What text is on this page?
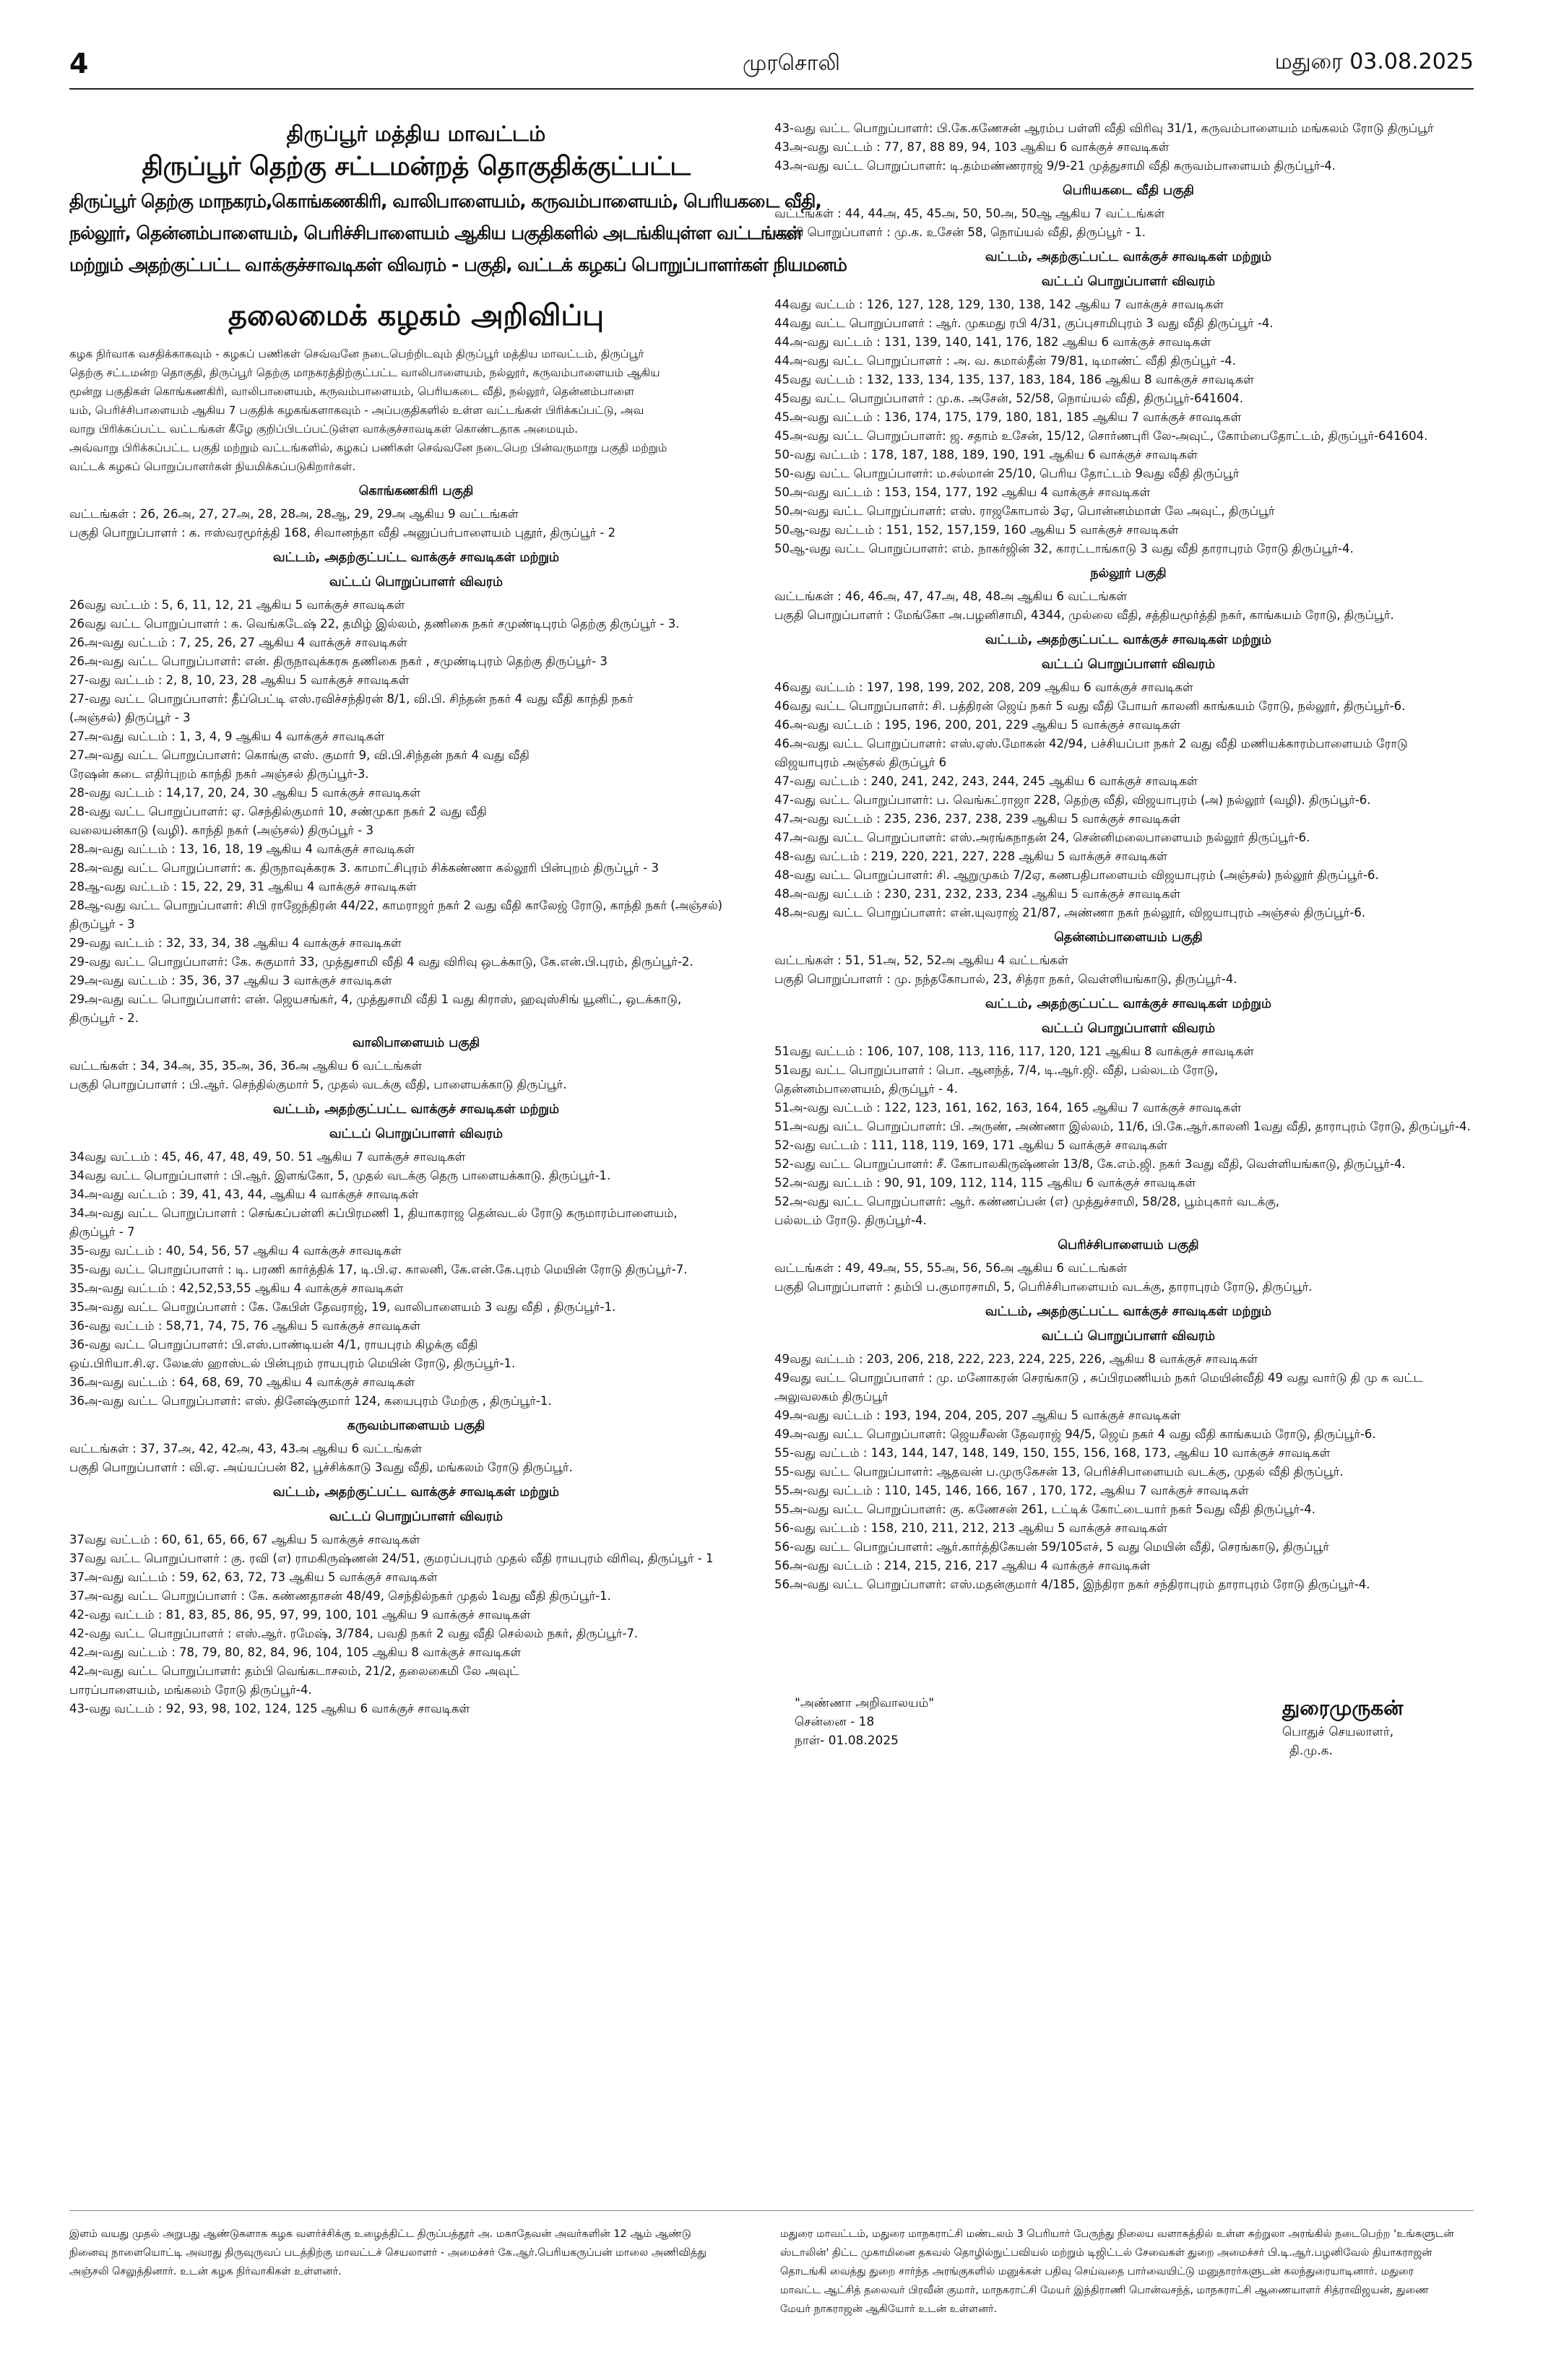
4	முரசொலி	மதுரை 03.08.2025
திருப்பூர் மத்திய மாவட்டம்
திருப்பூர் தெற்கு சட்டமன்றத் தொகுதிக்குட்பட்ட
திருப்பூர் தெற்கு மாநகரம்,கொங்கணகிரி, வாலிபாளையம், கருவம்பாளையம், பெரியகடை வீதி,
நல்லூர், தென்னம்பாளையம், பெரிச்சிபாளையம் ஆகிய பகுதிகளில் அடங்கியுள்ள வட்டங்கள்
மற்றும் அதற்குட்பட்ட வாக்குச்சாவடிகள் விவரம் - பகுதி, வட்டக் கழகப் பொறுப்பாளர்கள் நியமனம்
தலைமைக் கழகம் அறிவிப்பு
கழக நிர்வாக வசதிக்காகவும் - கழகப் பணிகள் செவ்வனே நடைபெற்றிடவும் திருப்பூர் மத்திய மாவட்டம், திருப்பூர்
தெற்கு சட்டமன்ற தொகுதி, திருப்பூர் தெற்கு மாநகரத்திற்குட்பட்ட வாலிபாளையம், நல்லூர், கருவம்பாளையம் ஆகிய
மூன்று பகுதிகள் கொங்கணகிரி, வாலிபாளையம், கருவம்பாளையம், பெரியகடை வீதி, நல்லூர், தென்னம்பாளை
யம், பெரிச்சிபாளையம் ஆகிய 7 பகுதிக் கழகங்களாகவும் - அப்பகுதிகளில் உள்ள வட்டங்கள் பிரிக்கப்பட்டு, அவ
வாறு பிரிக்கப்பட்ட வட்டங்கள் கீழே குறிப்பிடப்பட்டுள்ள வாக்குச்சாவடிகள் கொண்டதாக அமையும்.
அவ்வாறு பிரிக்கப்பட்ட பகுதி மற்றும் வட்டங்களில், கழகப் பணிகள் செவ்வனே நடைபெற பின்வருமாறு பகுதி மற்றும்
வட்டக் கழகப் பொறுப்பாளர்கள் நியமிக்கப்படுகிறார்கள்.
கொங்கணகிரி பகுதி
வட்டங்கள் : 26, 26அ, 27, 27அ, 28, 28அ, 28ஆ, 29, 29அ ஆகிய 9 வட்டங்கள்
பகுதி பொறுப்பாளர் : க. ஈஸ்வரமூர்த்தி 168, சிவானந்தா வீதி அனுப்பர்பாளையம் புதூர், திருப்பூர் - 2
வட்டம், அதற்குட்பட்ட வாக்குச் சாவடிகள் மற்றும்
வட்டப் பொறுப்பாளர் விவரம்
26வது வட்டம் : 5, 6, 11, 12, 21 ஆகிய 5 வாக்குச் சாவடிகள்
26வது வட்ட பொறுப்பாளர் : க. வெங்கடேஷ் 22, தமிழ் இல்லம், தணிகை நகர் சமுண்டிபுரம் தெற்கு திருப்பூர் - 3.
26அ-வது வட்டம் : 7, 25, 26, 27 ஆகிய 4 வாக்குச் சாவடிகள்
26அ-வது வட்ட பொறுப்பாளர்: என். திருநாவுக்கரசு தணிகை நகர் , சமுண்டிபுரம் தெற்கு திருப்பூர்- 3
27-வது வட்டம் : 2, 8, 10, 23, 28 ஆகிய 5 வாக்குச் சாவடிகள்
27-வது வட்ட பொறுப்பாளர்: தீப்பெட்டி எஸ்.ரவிச்சந்திரன் 8/1, வி.பி. சிந்தன் நகர் 4 வது வீதி காந்தி நகர்
(அஞ்சல்) திருப்பூர் - 3
27அ-வது வட்டம் : 1, 3, 4, 9 ஆகிய 4 வாக்குச் சாவடிகள்
27அ-வது வட்ட பொறுப்பாளர்: கொங்கு எஸ். குமார் 9, வி.பி.சிந்தன் நகர் 4 வது வீதி
ரேஷன் கடை எதிர்புறம் காந்தி நகர் அஞ்சல் திருப்பூர்-3.
28-வது வட்டம் : 14,17, 20, 24, 30 ஆகிய 5 வாக்குச் சாவடிகள்
28-வது வட்ட பொறுப்பாளர்: ஏ. செந்தில்குமார் 10, சண்முகா நகர் 2 வது வீதி
வலையன்காடு (வழி). காந்தி நகர் (அஞ்சல்) திருப்பூர் - 3
28அ-வது வட்டம் : 13, 16, 18, 19 ஆகிய 4 வாக்குச் சாவடிகள்
28அ-வது வட்ட பொறுப்பாளர்: க. திருநாவுக்கரசு 3. காமாட்சிபுரம் சிக்கண்ணா கல்லூரி பின்புறம் திருப்பூர் - 3
28ஆ-வது வட்டம் : 15, 22, 29, 31 ஆகிய 4 வாக்குச் சாவடிகள்
28ஆ-வது வட்ட பொறுப்பாளர்: சிபி ராஜேந்திரன் 44/22, காமராஜர் நகர் 2 வது வீதி காலேஜ் ரோடு, காந்தி நகர் (அஞ்சல்)
திருப்பூர் - 3
29-வது வட்டம் : 32, 33, 34, 38 ஆகிய 4 வாக்குச் சாவடிகள்
29-வது வட்ட பொறுப்பாளர்: கே. சுகுமார் 33, முத்துசாமி வீதி 4 வது விரிவு ஒடக்காடு, கே.என்.பி.புரம், திருப்பூர்-2.
29அ-வது வட்டம் : 35, 36, 37 ஆகிய 3 வாக்குச் சாவடிகள்
29அ-வது வட்ட பொறுப்பாளர்: என். ஜெயசங்கர், 4, முத்துசாமி வீதி 1 வது கிராஸ், ஹவுஸ்சிங் யூனிட், ஒடக்காடு,
திருப்பூர் - 2.
வாலிபாளையம் பகுதி
வட்டங்கள் : 34, 34அ, 35, 35அ, 36, 36அ ஆகிய 6 வட்டங்கள்
பகுதி பொறுப்பாளர் : பி.ஆர். செந்தில்குமார் 5, முதல் வடக்கு வீதி, பாளையக்காடு திருப்பூர்.
வட்டம், அதற்குட்பட்ட வாக்குச் சாவடிகள் மற்றும்
வட்டப் பொறுப்பாளர் விவரம்
34வது வட்டம் : 45, 46, 47, 48, 49, 50. 51 ஆகிய 7 வாக்குச் சாவடிகள்
34வது வட்ட பொறுப்பாளர் : பி.ஆர். இளங்கோ, 5, முதல் வடக்கு தெரு பாளையக்காடு. திருப்பூர்-1.
34அ-வது வட்டம் : 39, 41, 43, 44, ஆகிய 4 வாக்குச் சாவடிகள்
34அ-வது வட்ட பொறுப்பாளர் : செங்கப்பள்ளி சுப்பிரமணி 1, தியாகராஜ தென்வடல் ரோடு கருமாரம்பாளையம்,
திருப்பூர் - 7
35-வது வட்டம் : 40, 54, 56, 57 ஆகிய 4 வாக்குச் சாவடிகள்
35-வது வட்ட பொறுப்பாளர் : டி. பரணி கார்த்திக் 17, டி.பி.ஏ. காலனி, கே.என்.கே.புரம் மெயின் ரோடு திருப்பூர்-7.
35அ-வது வட்டம் : 42,52,53,55 ஆகிய 4 வாக்குச் சாவடிகள்
35அ-வது வட்ட பொறுப்பாளர் : கே. கேபிள் தேவராஜ், 19, வாலிபாளையம் 3 வது வீதி , திருப்பூர்-1.
36-வது வட்டம் : 58,71, 74, 75, 76 ஆகிய 5 வாக்குச் சாவடிகள்
36-வது வட்ட பொறுப்பாளர்: பி.எஸ்.பாண்டியன் 4/1, ராயபுரம் கிழக்கு வீதி
ஒய்.பிரியா.சி.ஏ. லேடீஸ் ஹாஸ்டல் பின்புறம் ராயபுரம் மெயின் ரோடு, திருப்பூர்-1.
36அ-வது வட்டம் : 64, 68, 69, 70 ஆகிய 4 வாக்குச் சாவடிகள்
36அ-வது வட்ட பொறுப்பாளர்: எஸ். தினேஷ்குமார் 124, கயைபுரம் மேற்கு , திருப்பூர்-1.
கருவம்பாளையம் பகுதி
வட்டங்கள் : 37, 37அ, 42, 42அ, 43, 43அ ஆகிய 6 வட்டங்கள்
பகுதி பொறுப்பாளர் : வி.ஏ. அய்யப்பன் 82, பூச்சிக்காடு 3வது வீதி, மங்கலம் ரோடு திருப்பூர்.
வட்டம், அதற்குட்பட்ட வாக்குச் சாவடிகள் மற்றும்
வட்டப் பொறுப்பாளர் விவரம்
37வது வட்டம் : 60, 61, 65, 66, 67 ஆகிய 5 வாக்குச் சாவடிகள்
37வது வட்ட பொறுப்பாளர் : கு. ரவி (எ) ராமகிருஷ்ணன் 24/51, குமரப்பபுரம் முதல் வீதி ராயபுரம் விரிவு, திருப்பூர் - 1
37அ-வது வட்டம் : 59, 62, 63, 72, 73 ஆகிய 5 வாக்குச் சாவடிகள்
37அ-வது வட்ட பொறுப்பாளர் : கே. கண்ணதாசன் 48/49, செந்தில்நகர் முதல் 1வது வீதி திருப்பூர்-1.
42-வது வட்டம் : 81, 83, 85, 86, 95, 97, 99, 100, 101 ஆகிய 9 வாக்குச் சாவடிகள்
42-வது வட்ட பொறுப்பாளர் : எஸ்.ஆர். ரமேஷ், 3/784, பவதி நகர் 2 வது வீதி செல்லம் நகர், திருப்பூர்-7.
42அ-வது வட்டம் : 78, 79, 80, 82, 84, 96, 104, 105 ஆகிய 8 வாக்குச் சாவடிகள்
42அ-வது வட்ட பொறுப்பாளர்: தம்பி வெங்கடாசலம், 21/2, தலைகைமி லே அவுட்
பாரப்பாளையம், மங்கலம் ரோடு திருப்பூர்-4.
43-வது வட்டம் : 92, 93, 98, 102, 124, 125 ஆகிய 6 வாக்குச் சாவடிகள்
43-வது வட்ட பொறுப்பாளர்: பி.கே.கணேசன் ஆரம்ப பள்ளி வீதி விரிவு 31/1, கருவம்பாளையம் மங்கலம் ரோடு திருப்பூர்
43அ-வது வட்டம் : 77, 87, 88 89, 94, 103 ஆகிய 6 வாக்குச் சாவடிகள்
43அ-வது வட்ட பொறுப்பாளர்: டி.தம்மண்ணராஜ் 9/9-21 முத்துசாமி வீதி கருவம்பாளையம் திருப்பூர்-4.
பெரியகடை வீதி பகுதி
வட்டங்கள் : 44, 44அ, 45, 45அ, 50, 50அ, 50ஆ ஆகிய 7 வட்டங்கள்
பகுதி பொறுப்பாளர் : மு.க. உசேன் 58, நொய்யல் வீதி, திருப்பூர் - 1.
வட்டம், அதற்குட்பட்ட வாக்குச் சாவடிகள் மற்றும்
வட்டப் பொறுப்பாளர் விவரம்
44வது வட்டம் : 126, 127, 128, 129, 130, 138, 142 ஆகிய 7 வாக்குச் சாவடிகள்
44வது வட்ட பொறுப்பாளர் : ஆர். முகமது ரபி 4/31, குப்புசாமிபுரம் 3 வது வீதி திருப்பூர் -4.
44அ-வது வட்டம் : 131, 139, 140, 141, 176, 182 ஆகிய 6 வாக்குச் சாவடிகள்
44அ-வது வட்ட பொறுப்பாளர் : அ. வ. கமால்தீன் 79/81, டிமாண்ட் வீதி திருப்பூர் -4.
45வது வட்டம் : 132, 133, 134, 135, 137, 183, 184, 186 ஆகிய 8 வாக்குச் சாவடிகள்
45வது வட்ட பொறுப்பாளர் : மு.க. அசேன், 52/58, நொய்யல் வீதி, திருப்பூர்-641604.
45அ-வது வட்டம் : 136, 174, 175, 179, 180, 181, 185 ஆகிய 7 வாக்குச் சாவடிகள்
45அ-வது வட்ட பொறுப்பாளர்: ஜ. சதாம் உசேன், 15/12, சொர்ணபுரி லே-அவுட், கோம்பைதோட்டம், திருப்பூர்-641604.
50-வது வட்டம் : 178, 187, 188, 189, 190, 191 ஆகிய 6 வாக்குச் சாவடிகள்
50-வது வட்ட பொறுப்பாளர்: ம.சல்மான் 25/10, பெரிய தோட்டம் 9வது வீதி திருப்பூர்
50அ-வது வட்டம் : 153, 154, 177, 192 ஆகிய 4 வாக்குச் சாவடிகள்
50அ-வது வட்ட பொறுப்பாளர்: எஸ். ராஜகோபால் 3ஏ, பொன்னம்மாள் லே அவுட், திருப்பூர்
50ஆ-வது வட்டம் : 151, 152, 157,159, 160 ஆகிய 5 வாக்குச் சாவடிகள்
50ஆ-வது வட்ட பொறுப்பாளர்: எம். நாகர்ஜின் 32, காரட்டாங்காடு 3 வது வீதி தாராபுரம் ரோடு திருப்பூர்-4.
நல்லூர் பகுதி
வட்டங்கள் : 46, 46அ, 47, 47அ, 48, 48அ ஆகிய 6 வட்டங்கள்
பகுதி பொறுப்பாளர் : மேங்கோ அ.பழனிசாமி, 4344, முல்லை வீதி, சத்தியமூர்த்தி நகர், காங்கயம் ரோடு, திருப்பூர்.
வட்டம், அதற்குட்பட்ட வாக்குச் சாவடிகள் மற்றும்
வட்டப் பொறுப்பாளர் விவரம்
46வது வட்டம் : 197, 198, 199, 202, 208, 209 ஆகிய 6 வாக்குச் சாவடிகள்
46வது வட்ட பொறுப்பாளர்: சி. பத்திரன் ஜெய் நகர் 5 வது வீதி போயர் காலனி காங்கயம் ரோடு, நல்லூர், திருப்பூர்-6.
46அ-வது வட்டம் : 195, 196, 200, 201, 229 ஆகிய 5 வாக்குச் சாவடிகள்
46அ-வது வட்ட பொறுப்பாளர்: எஸ்.ஏஸ்.மோகன் 42/94, பச்சியப்பா நகர் 2 வது வீதி மணியக்காரம்பாளையம் ரோடு
விஜயாபுரம் அஞ்சல் திருப்பூர் 6
47-வது வட்டம் : 240, 241, 242, 243, 244, 245 ஆகிய 6 வாக்குச் சாவடிகள்
47-வது வட்ட பொறுப்பாளர்: ப. வெங்கட்ராஜா 228, தெற்கு வீதி, விஜயாபுரம் (அ) நல்லூர் (வழி). திருப்பூர்-6.
47அ-வது வட்டம் : 235, 236, 237, 238, 239 ஆகிய 5 வாக்குச் சாவடிகள்
47அ-வது வட்ட பொறுப்பாளர்: எஸ்.அரங்கநாதன் 24, சென்னிமலைபாளையம் நல்லூர் திருப்பூர்-6.
48-வது வட்டம் : 219, 220, 221, 227, 228 ஆகிய 5 வாக்குச் சாவடிகள்
48-வது வட்ட பொறுப்பாளர்: சி. ஆறுமுகம் 7/2ஏ, கணபதிபாளையம் விஜயாபுரம் (அஞ்சல்) நல்லூர் திருப்பூர்-6.
48அ-வது வட்டம் : 230, 231, 232, 233, 234 ஆகிய 5 வாக்குச் சாவடிகள்
48அ-வது வட்ட பொறுப்பாளர்: என்.யுவராஜ் 21/87, அண்ணா நகர் நல்லூர், விஜயாபுரம் அஞ்சல் திருப்பூர்-6.
தென்னம்பாளையம் பகுதி
வட்டங்கள் : 51, 51அ, 52, 52அ ஆகிய 4 வட்டங்கள்
பகுதி பொறுப்பாளர் : மு. நந்தகோபால், 23, சித்ரா நகர், வெள்ளியங்காடு, திருப்பூர்-4.
வட்டம், அதற்குட்பட்ட வாக்குச் சாவடிகள் மற்றும்
வட்டப் பொறுப்பாளர் விவரம்
51வது வட்டம் : 106, 107, 108, 113, 116, 117, 120, 121 ஆகிய 8 வாக்குச் சாவடிகள்
51வது வட்ட பொறுப்பாளர் : பொ. ஆனந்த், 7/4, டி.ஆர்.ஜி. வீதி, பல்லடம் ரோடு,
தென்னம்பாளையம், திருப்பூர் - 4.
51அ-வது வட்டம் : 122, 123, 161, 162, 163, 164, 165 ஆகிய 7 வாக்குச் சாவடிகள்
51அ-வது வட்ட பொறுப்பாளர்: பி. அருண், அண்ணா இல்லம், 11/6, பி.கே.ஆர்.காலனி 1வது வீதி, தாராபுரம் ரோடு, திருப்பூர்-4.
52-வது வட்டம் : 111, 118, 119, 169, 171 ஆகிய 5 வாக்குச் சாவடிகள்
52-வது வட்ட பொறுப்பாளர்: சீ. கோபாலகிருஷ்ணன் 13/8, கே.எம்.ஜி. நகர் 3வது வீதி, வெள்ளியங்காடு, திருப்பூர்-4.
52அ-வது வட்டம் : 90, 91, 109, 112, 114, 115 ஆகிய 6 வாக்குச் சாவடிகள்
52அ-வது வட்ட பொறுப்பாளர்: ஆர். கண்ணப்பன் (எ) முத்துச்சாமி, 58/28, பூம்புகார் வடக்கு,
பல்லடம் ரோடு. திருப்பூர்-4.
பெரிச்சிபாளையம் பகுதி
வட்டங்கள் : 49, 49அ, 55, 55அ, 56, 56அ ஆகிய 6 வட்டங்கள்
பகுதி பொறுப்பாளர் : தம்பி ப.குமாரசாமி, 5, பெரிச்சிபாளையம் வடக்கு, தாராபுரம் ரோடு, திருப்பூர்.
வட்டம், அதற்குட்பட்ட வாக்குச் சாவடிகள் மற்றும்
வட்டப் பொறுப்பாளர் விவரம்
49வது வட்டம் : 203, 206, 218, 222, 223, 224, 225, 226, ஆகிய 8 வாக்குச் சாவடிகள்
49வது வட்ட பொறுப்பாளர் : மு. மனோகரன் செரங்காடு , சுப்பிரமணியம் நகர் மெயின்வீதி 49 வது வார்டு தி மு க வட்ட
அலுவலகம் திருப்பூர்
49அ-வது வட்டம் : 193, 194, 204, 205, 207 ஆகிய 5 வாக்குச் சாவடிகள்
49அ-வது வட்ட பொறுப்பாளர்: ஜெயசீலன் தேவராஜ் 94/5, ஜெய் நகர் 4 வது வீதி காங்கயம் ரோடு, திருப்பூர்-6.
55-வது வட்டம் : 143, 144, 147, 148, 149, 150, 155, 156, 168, 173, ஆகிய 10 வாக்குச் சாவடிகள்
55-வது வட்ட பொறுப்பாளர்: ஆதவன் ப.முருகேசன் 13, பெரிச்சிபாளையம் வடக்கு, முதல் வீதி திருப்பூர்.
55அ-வது வட்டம் : 110, 145, 146, 166, 167 , 170, 172, ஆகிய 7 வாக்குச் சாவடிகள்
55அ-வது வட்ட பொறுப்பாளர்: கு. கணேசன் 261, டட்டிக் கோட்டையார் நகர் 5வது வீதி திருப்பூர்-4.
56-வது வட்டம் : 158, 210, 211, 212, 213 ஆகிய 5 வாக்குச் சாவடிகள்
56-வது வட்ட பொறுப்பாளர்: ஆர்.கார்த்திகேயன் 59/105எச், 5 வது மெயின் வீதி, செரங்காடு, திருப்பூர்
56அ-வது வட்டம் : 214, 215, 216, 217 ஆகிய 4 வாக்குச் சாவடிகள்
56அ-வது வட்ட பொறுப்பாளர்: எஸ்.மதன்குமார் 4/185, இந்திரா நகர் சந்திராபுரம் தாராபுரம் ரோடு திருப்பூர்-4.
"அண்ணா அறிவாலயம்"
சென்னை - 18
நாள்- 01.08.2025
துரைமுருகன்
பொதுச் செயலாளர்,
தி.மு.க.
இளம் வயது முதல் அறுபது ஆண்டுகளாக கழக வளர்ச்சிக்கு உழைத்திட்ட திருப்பத்தூர் அ. மகாதேவன் அவர்களின் 12 ஆம் ஆண்டு
நினைவு நாளையொட்டி அவரது திருவுருவப் படத்திற்கு மாவட்டச் செயலாளர் - அமைச்சர் கே.ஆர்.பெரியகருப்பன் மாலை அணிவித்து
அஞ்சலி செலுத்தினார். உடன் கழக நிர்வாகிகள் உள்ளனர்.
மதுரை மாவட்டம், மதுரை மாநகராட்சி மண்டலம் 3 பெரியார் பேருந்து நிலைய வளாகத்தில் உள்ள சுற்றுலா அரங்கில் நடைபெற்ற 'உங்களுடன்
ஸ்டாலின்' திட்ட முகாமினை தகவல் தொழில்நுட்பவியல் மற்றும் டிஜிட்டல் சேவைகள் துறை அமைச்சர் பி.டி.ஆர்.பழனிவேல் தியாகராஜன்
தொடங்கி வைத்து துறை சார்ந்த அரங்குகளில் மனுக்கள் பதிவு செய்வதை பார்வையிட்டு மனுதாரர்களுடன் கலந்துரையாடினார். மதுரை
மாவட்ட ஆட்சித் தலைவர் பிரவீன் குமார், மாநகராட்சி மேயர் இந்திராணி பொன்வசந்த், மாநகராட்சி ஆணையாளர் சித்ராவிஜயன், துணை
மேயர் நாகராஜன் ஆகியோர் உடன் உள்ளனர்.
